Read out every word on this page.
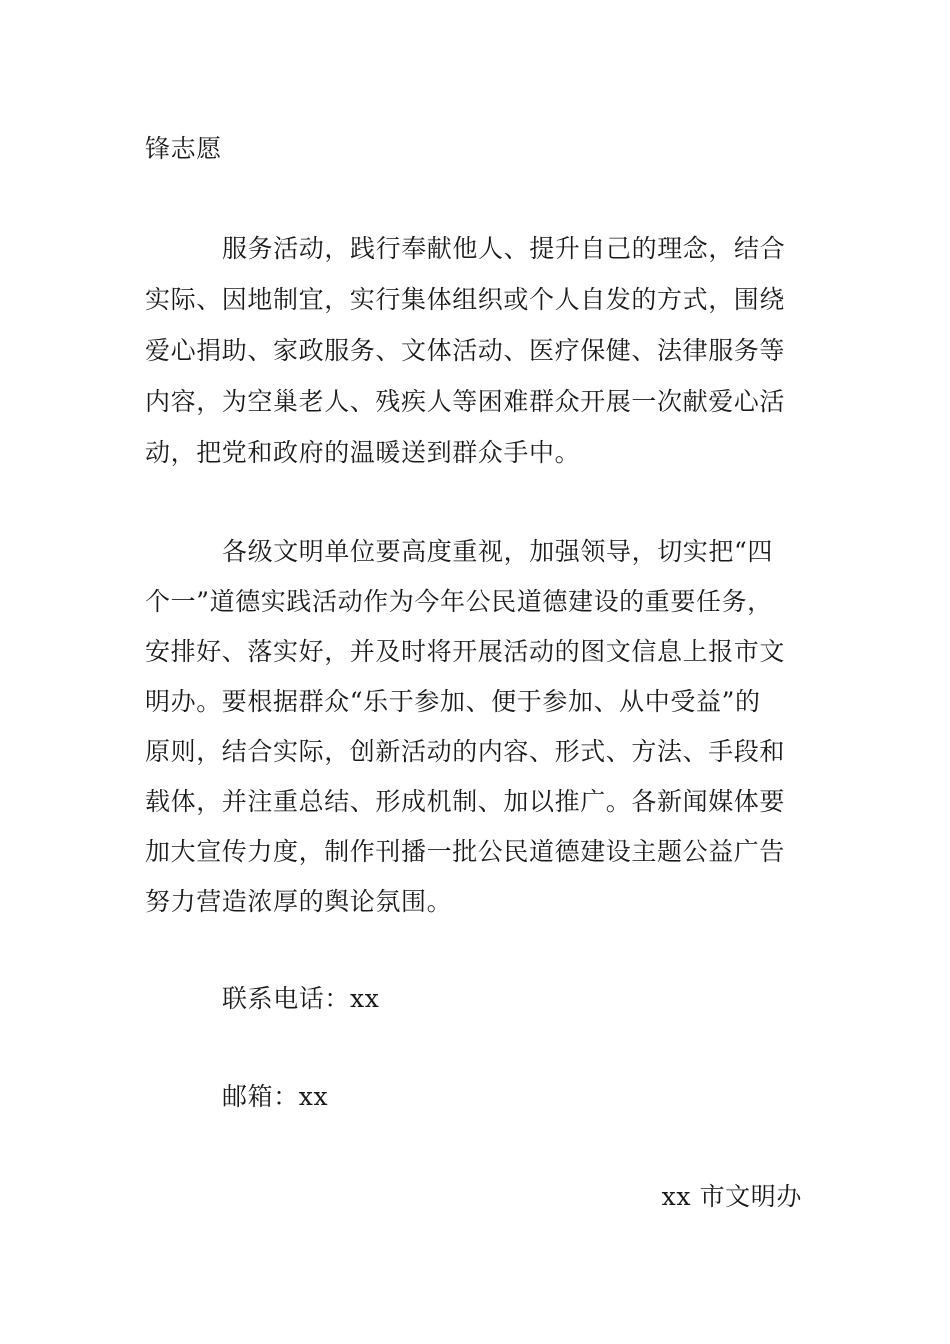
锋志愿
服务活动，践行奉献他人、提升自己的理念，结合
实际、因地制宜，实行集体组织或个人自发的方式，围绕
爱心捐助、家政服务、文体活动、医疗保健、法律服务等
内容，为空巢老人、残疾人等困难群众开展一次献爱心活
动，把党和政府的温暖送到群众手中。
各级文明单位要高度重视，加强领导，切实把“四
个一”道德实践活动作为今年公民道德建设的重要任务，
安排好、落实好，并及时将开展活动的图文信息上报市文
明办。要根据群众“乐于参加、便于参加、从中受益”的
原则，结合实际，创新活动的内容、形式、方法、手段和
载体，并注重总结、形成机制、加以推广。各新闻媒体要
加大宣传力度，制作刊播一批公民道德建设主题公益广告
努力营造浓厚的舆论氛围。
联系电话：xx
邮箱：xx
xx 市文明办
